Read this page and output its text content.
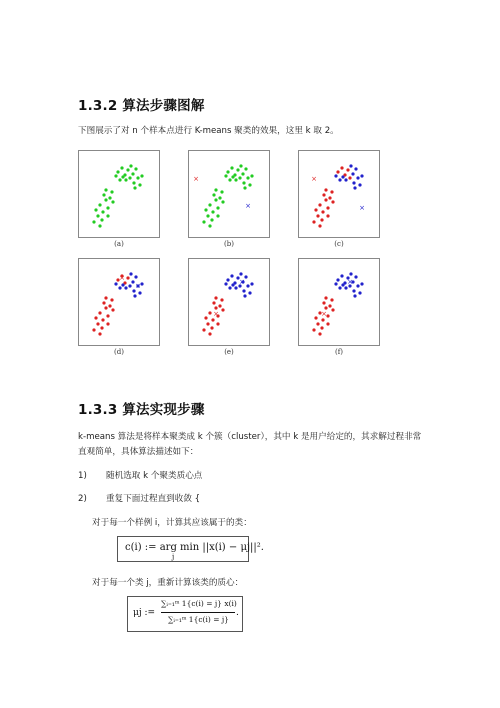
1.3.2 算法步骤图解
下图展示了对 n 个样本点进行 K-means 聚类的效果，这里 k 取 2。
×
×
×
×
(a)	(b)	(c)
×
×
×
×
×
×
(d)	(e)	(f)
1.3.3 算法实现步骤
k-means 算法是将样本聚类成 k 个簇（cluster），其中 k 是用户给定的，其求解过程非常
直观简单，具体算法描述如下：
1) 随机选取 k 个聚类质心点
2) 重复下面过程直到收敛 {
对于每一个样例 i，计算其应该属于的类：
c(i) := arg min ||x(i) − μj||².
j
对于每一个类 j，重新计算该类的质心：
μj :=
∑ᵢ₌₁ᵐ 1{c(i) = j} x(i)
∑ᵢ₌₁ᵐ 1{c(i) = j}
.
